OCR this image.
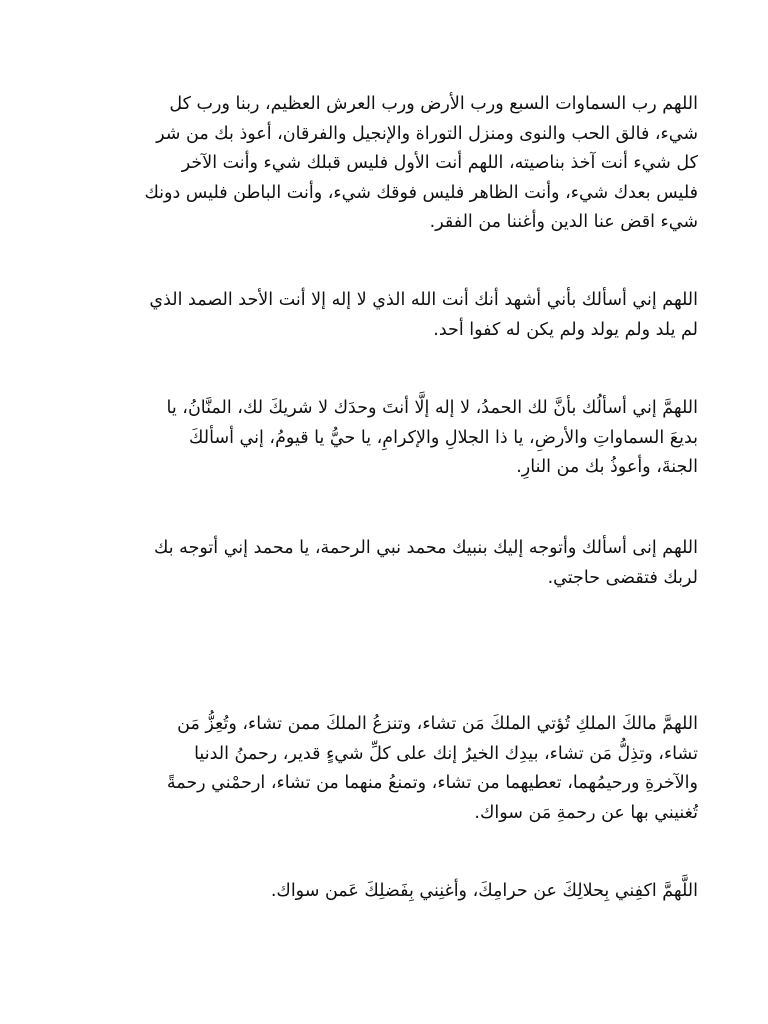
اللهم رب السماوات السبع ورب الأرض ورب العرش العظيم، ربنا ورب كل
شيء، فالق الحب والنوى ومنزل التوراة والإنجيل والفرقان، أعوذ بك من شر
كل شيء أنت آخذ بناصيته، اللهم أنت الأول فليس قبلك شيء وأنت الآخر
فليس بعدك شيء، وأنت الظاهر فليس فوقك شيء، وأنت الباطن فليس دونك
شيء اقض عنا الدين وأغننا من الفقر.

اللهم إني أسألك بأني أشهد أنك أنت الله الذي لا إله إلا أنت الأحد الصمد الذي
لم يلد ولم يولد ولم يكن له كفوا أحد.

اللهمَّ إني أسألُك بأنَّ لك الحمدُ، لا إله إلَّا أنتَ وحدَك لا شريكَ لك، المنَّانُ، يا
بديعَ السماواتِ والأرضِ، يا ذا الجلالِ والإكرامِ، يا حيُّ يا قيومُ، إني أسألكَ
الجنةَ، وأعوذُ بك من النارِ.

اللهم إنى أسألك وأتوجه إليك بنبيك محمد نبي الرحمة، يا محمد إني أتوجه بك
لربك فتقضى حاجتي.

اللهمَّ مالكَ الملكِ تُؤتي الملكَ مَن تشاء، وتنزعُ الملكَ ممن تشاء، وتُعِزُّ مَن
تشاء، وتذِلُّ مَن تشاء، بيدِك الخيرُ إنك على كلِّ شيءٍ قدير، رحمنُ الدنيا
والآخرةِ ورحيمُهما، تعطيهما من تشاء، وتمنعُ منهما من تشاء، ارحمْني رحمةً
تُغنيني بها عن رحمةِ مَن سواك.

اللَّهمَّ اكفِني بِحلالِكَ عن حرامِكَ، وأغنِني بِفَضلِكَ عَمن سواك.
